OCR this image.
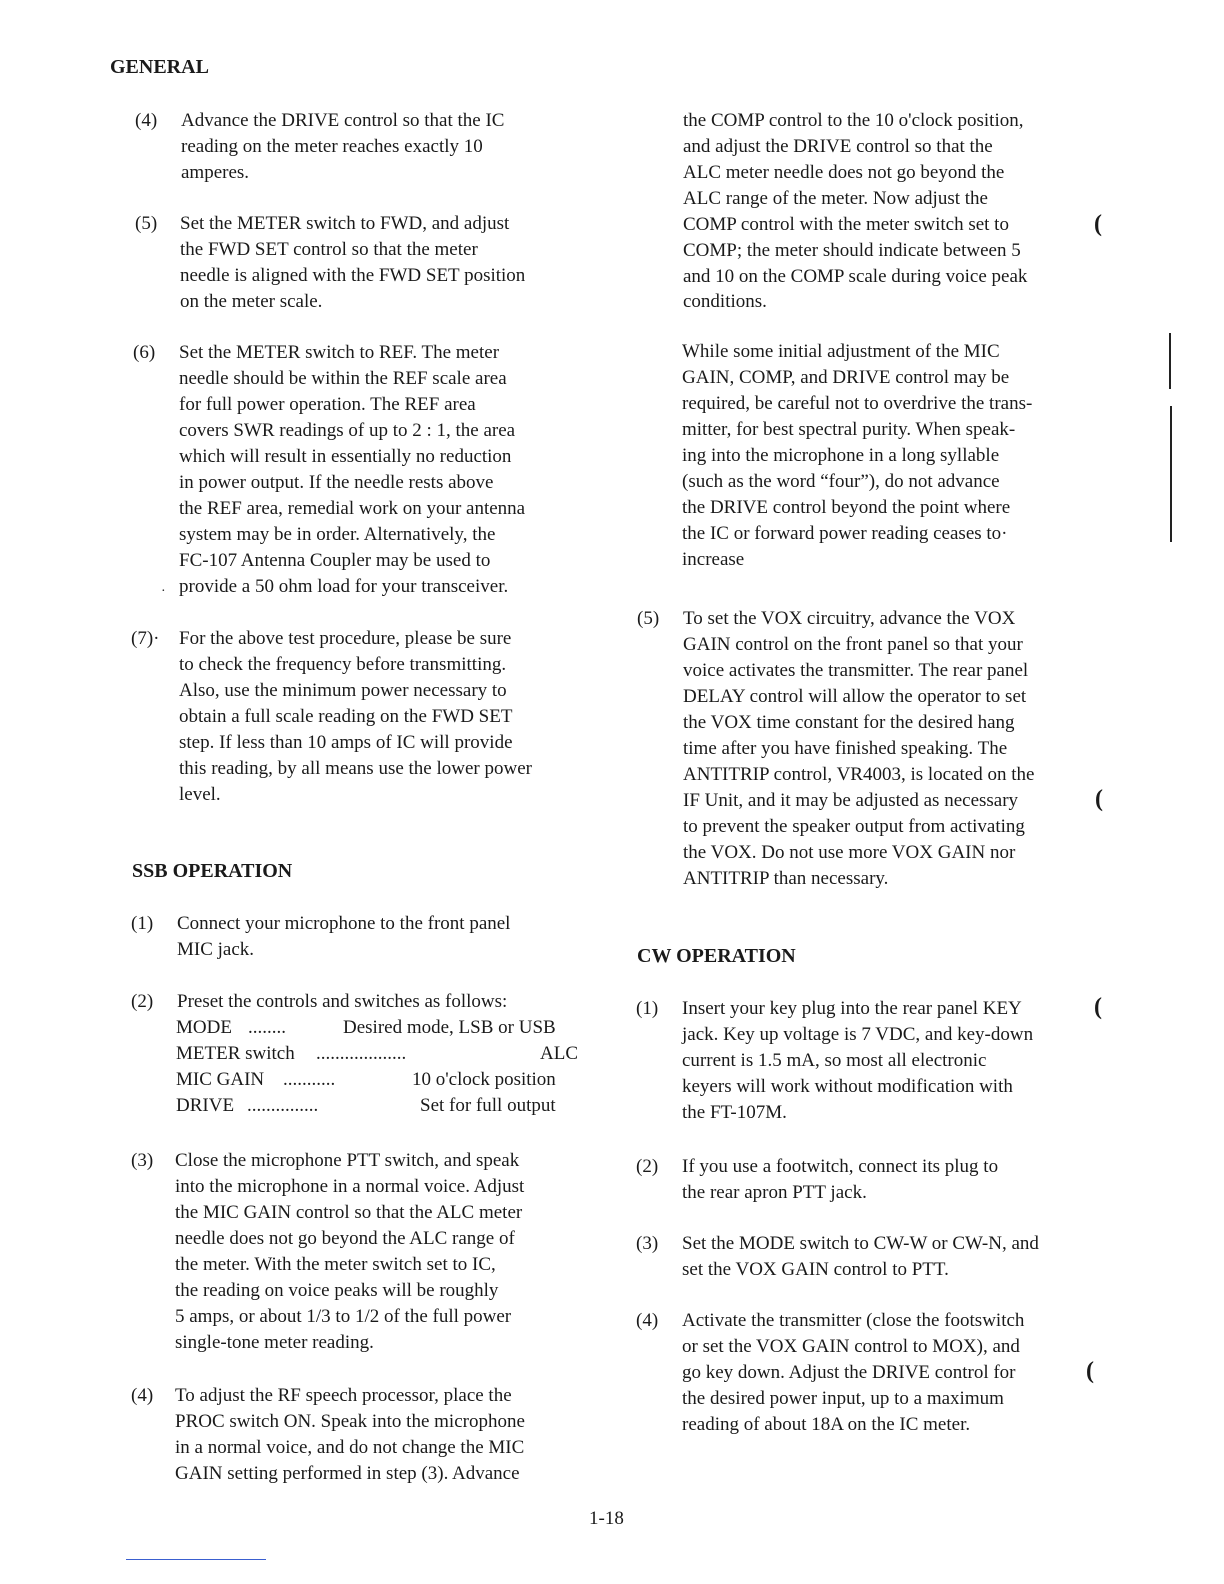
GENERAL
(4) Advance the DRIVE control so that the IC
reading on the meter reaches exactly 10
amperes.
(5) Set the METER switch to FWD, and adjust
the FWD SET control so that the meter
needle is aligned with the FWD SET position
on the meter scale.
(6) Set the METER switch to REF. The meter
needle should be within the REF scale area
for full power operation. The REF area
covers SWR readings of up to 2 : 1, the area
which will result in essentially no reduction
in power output. If the needle rests above
the REF area, remedial work on your antenna
system may be in order. Alternatively, the
FC-107 Antenna Coupler may be used to
provide a 50 ohm load for your transceiver.
·
(7)· For the above test procedure, please be sure
to check the frequency before transmitting.
Also, use the minimum power necessary to
obtain a full scale reading on the FWD SET
step. If less than 10 amps of IC will provide
this reading, by all means use the lower power
level.
SSB OPERATION
(1) Connect your microphone to the front panel
MIC jack.
(2) Preset the controls and switches as follows:
MODE ........	Desired mode, LSB or USB
METER switch ...................	ALC
MIC GAIN ...........	10 o'clock position
DRIVE ...............	Set for full output
(3) Close the microphone PTT switch, and speak
into the microphone in a normal voice. Adjust
the MIC GAIN control so that the ALC meter
needle does not go beyond the ALC range of
the meter. With the meter switch set to IC,
the reading on voice peaks will be roughly
5 amps, or about 1/3 to 1/2 of the full power
single-tone meter reading.
(4) To adjust the RF speech processor, place the
PROC switch ON. Speak into the microphone
in a normal voice, and do not change the MIC
GAIN setting performed in step (3). Advance
the COMP control to the 10 o'clock position,
and adjust the DRIVE control so that the
ALC meter needle does not go beyond the
ALC range of the meter. Now adjust the
COMP control with the meter switch set to
COMP; the meter should indicate between 5
and 10 on the COMP scale during voice peak
conditions.
(
While some initial adjustment of the MIC
GAIN, COMP, and DRIVE control may be
required, be careful not to overdrive the trans-
mitter, for best spectral purity. When speak-
ing into the microphone in a long syllable
(such as the word “four”), do not advance
the DRIVE control beyond the point where
the IC or forward power reading ceases to·
increase
(5) To set the VOX circuitry, advance the VOX
GAIN control on the front panel so that your
voice activates the transmitter. The rear panel
DELAY control will allow the operator to set
the VOX time constant for the desired hang
time after you have finished speaking. The
ANTITRIP control, VR4003, is located on the
IF Unit, and it may be adjusted as necessary
to prevent the speaker output from activating
the VOX. Do not use more VOX GAIN nor
ANTITRIP than necessary.
(
CW OPERATION
(1) Insert your key plug into the rear panel KEY
jack. Key up voltage is 7 VDC, and key-down
current is 1.5 mA, so most all electronic
keyers will work without modification with
the FT-107M.
(
(2) If you use a footwitch, connect its plug to
the rear apron PTT jack.
(3) Set the MODE switch to CW-W or CW-N, and
set the VOX GAIN control to PTT.
(4) Activate the transmitter (close the footswitch
or set the VOX GAIN control to MOX), and
go key down. Adjust the DRIVE control for
the desired power input, up to a maximum
reading of about 18A on the IC meter.
(
1-18
